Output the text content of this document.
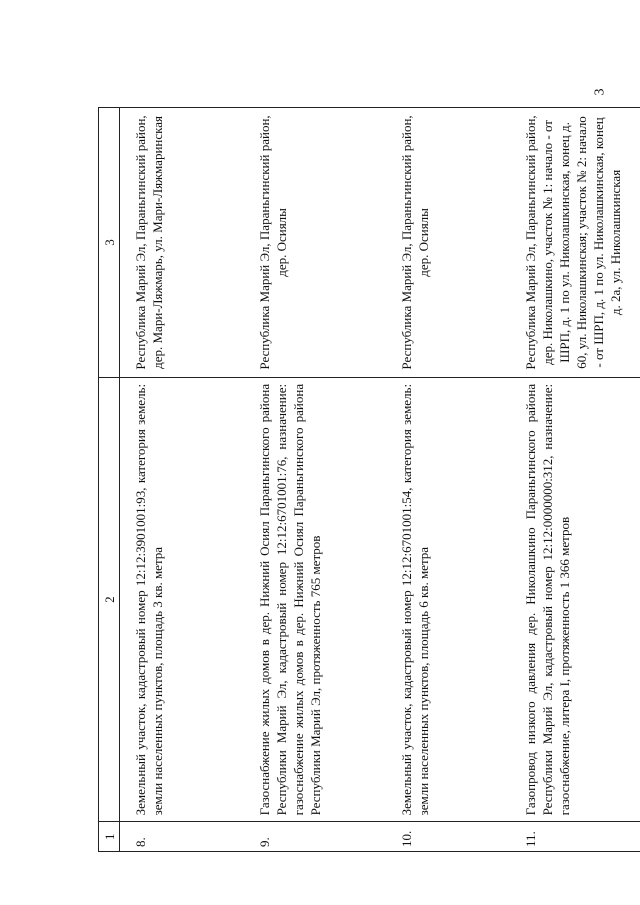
3
1	2	3
8.	Земельный участок, кадастровый номер 12:12:3901001:93, категория земель: земли населенных пунктов, площадь 3 кв. метра	Республика Марий Эл, Параньгинский район, дер. Мари-Ляжмарь, ул. Мари-Ляжмаринская
9.	Газоснабжение жилых домов в дер. Нижний Осиял Параньгинского района Республики Марий Эл, кадастровый номер 12:12:6701001:76, назначение: газоснабжение жилых домов в дер. Нижний Осиял Параньгинского района Республики Марий Эл, протяженность 765 метров	Республика Марий Эл, Параньгинский район, дер. Осиялы
10.	Земельный участок, кадастровый номер 12:12:6701001:54, категория земель: земли населенных пунктов, площадь 6 кв. метра	Республика Марий Эл, Параньгинский район, дер. Осиялы
11.	Газопровод низкого давления дер. Николашкино Параньгинского района Республики Марий Эл, кадастровый номер 12:12:0000000:312, назначение: газоснабжение, литера I, протяженность 1 366 метров	Республика Марий Эл, Параньгинский район, дер. Николашкино, участок № 1: начало - от ШРП, д. 1 по ул. Николашкинская, конец д. 60, ул. Николашкинская; участок № 2: начало - от ШРП, д. 1 по ул. Николашкинская, конец д. 2а, ул. Николашкинская
